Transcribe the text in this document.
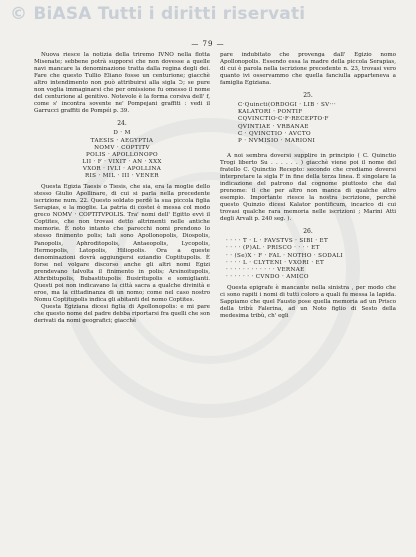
© BiASA Tutti i diritti riservati
— 79 —

Nuova riesce la notizia della triremo IVNO nella flotta Misenate; sebbene potrà supporsi che non dovesse a quelle navi mancare la denominazione tratta dalla regina degli dei. Fare che questo Tullio Eliano fosse un centurione; giacchè altro intendimento non può attribuirsi alla sigla ⊃; se pure non voglia immaginarsi che per omissione fu omesso il nome del centurione al genitivo. Notevole è la forma corsiva dell' f, come s' incontra sovente ne' Pompejani graffiti : vedi il Garrucci graffiti de Pompéi p. 39.

24.
D · M
TAESIS · AEGYPTIA
NOMV · COPTITV
POLIS · APOLLONOPO
LII · F · VIXIT · AN · XXX
VXOR · IVLI · APOLLINA
RIS · MIL · III · VENER

Questa Egizia Taesis o Tiesis, che sia, era la moglie dello stesso Giulio Apollinare, di cui si parla nella precedente iscrizione num. 22. Questo soldato perdè la sua piccola figlia Serapias, e la moglie. La patria di costei è messa col modo greco NOMV · COPTITVPOLIS. Tra' nomi dell' Egitto evvi il Coptites, che non trovasi detto altrimenti nelle antiche memorie. È noto intanto che parecchi nomi prendono lo stesso finimento polis; tali sono Apollonopolis, Diospolis, Panopolis, Aphroditopolis, Antaeopolis, Lycopolis, Hermopolis, Latopolis, Hiliopolis. Ora a queste denominazioni dovrà aggiungersi eziandio Coptitupolis. È forse nel volgare discorso anche gli altri nomi Egizi prendevano talvolta il finimento in polis; Arsinoitupolis, Athribitupolis, Bubastitupolis Busiritupolis e somiglianti. Questi poi non indicavano la città sacra a qualche divinità e eroe, ma la cittadinanza di un nomo; come nel caso nostro Nomu Coptitupolis indica gli abitanti del nomo Coptites.

Questa Egiziana dicesi figlia di Apollonopolis: e mi pare che questo nome del padre debba riportarsi fra quelli che son derivati da nomi geografici; giacchè

pare indubitato che provenga dall' Egizio nomo Apollonopolis. Essendo essa la madre della piccola Serapias, di cui è parola nella iscrizione precedente n. 23, trovasi vero quanto ivi osservammo che quella fanciulla apparteneva a famiglia Egiziana.

25.
C·Quincti(ORDOGI · LIB · SV···
KALATORI · PONTIF
CQVINCTIO·C·F·RECEPTO·F
QVINTIAE · VRBANAE
C · QVINCTIO · AVCTO
P · NVMISIO · MARIONI

A noi sembra doversi supplire in principio ( C. Quinctio Trogi liberto Su . . . . . . ) giacchè viene poi il nome del fratello C. Quinctio Recepto: secondo che crediamo doversi interpretare la sigla F in fine della terza linea. È singolare la indicazione del patrono dal cognome piuttosto che dal prenome: il che per altro non manca di qualche altro esempio. Importante riesce la nostra iscrizione, perchè questo Quinzio dicesi Kalator pontificum, incarico di cui trovasi qualche rara memoria nelle iscrizioni ; Marini Atti degli Arvali p. 240 seg. ).

26.
· · · · T · L · FAVSTVS · SIBI · ET
· · · · (P)AL · PRISCO · · · · ET
· · (Se)X · F · FAL · NOTHO · SODALI
· · · · L · CLYTENI · VXORI · ET
· · · · · · · · · · · · VERNAE
· · · · · · · CVNDO · AMICO

Questa epigrafe è mancante nella sinistra , per modo che ci sono rapiti i nomi di tutti coloro a quali fu messa la lapida. Sappiamo che quel Fausto pose quella memoria ad un Prisco della tribù Falerina, ad un Noto figlio di Sesto della medesima tribù, ch' egli
